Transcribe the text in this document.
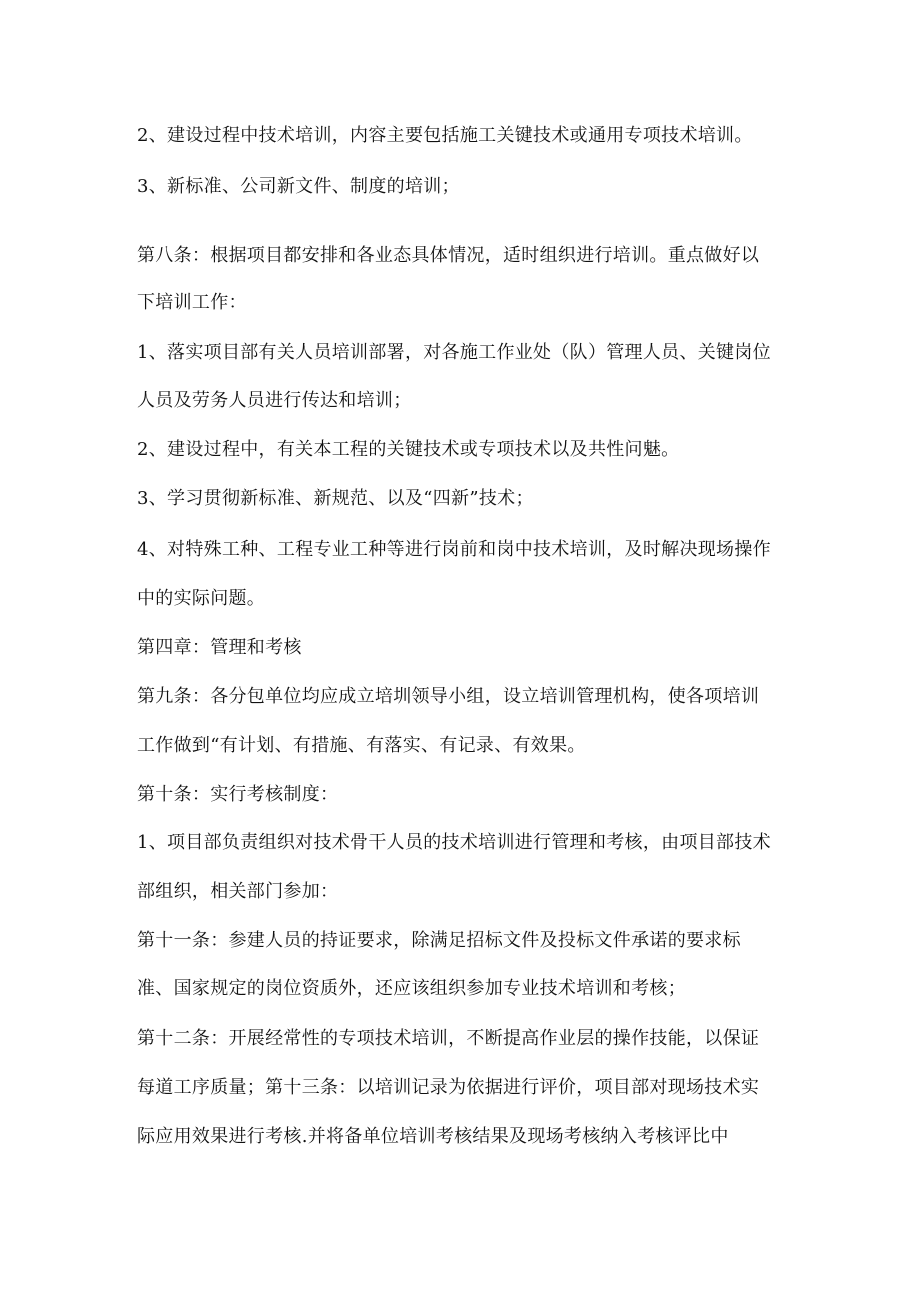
2、建设过程中技术培训，内容主要包括施工关键技术或通用专项技术培训。
3、新标准、公司新文件、制度的培训；
第八条：根据项目都安排和各业态具体情况，适时组织进行培训。重点做好以
下培训工作：
1、落实项目部有关人员培训部署，对各施工作业处（队）管理人员、关键岗位
人员及劳务人员进行传达和培训；
2、建设过程中，有关本工程的关键技术或专项技术以及共性问魅。
3、学习贯彻新标准、新规范、以及“四新”技术；
4、对特殊工种、工程专业工种等进行岗前和岗中技术培训，及时解决现场操作
中的实际问题。
第四章：管理和考核
第九条：各分包单位均应成立培圳领导小组，设立培训管理机构，使各项培训
工作做到“有计划、有措施、有落实、有记录、有效果。
第十条：实行考核制度：
1、项目部负责组织对技术骨干人员的技术培训进行管理和考核，由项目部技术
部组织，相关部门参加：
第十一条：参建人员的持证要求，除满足招标文件及投标文件承诺的要求标
准、国家规定的岗位资质外，还应该组织参加专业技术培训和考核；
第十二条：开展经常性的专项技术培训，不断提高作业层的操作技能，以保证
每道工序质量；第十三条：以培训记录为依据进行评价，项目部对现场技术实
际应用效果进行考核.并将备单位培训考核结果及现场考核纳入考核评比中
